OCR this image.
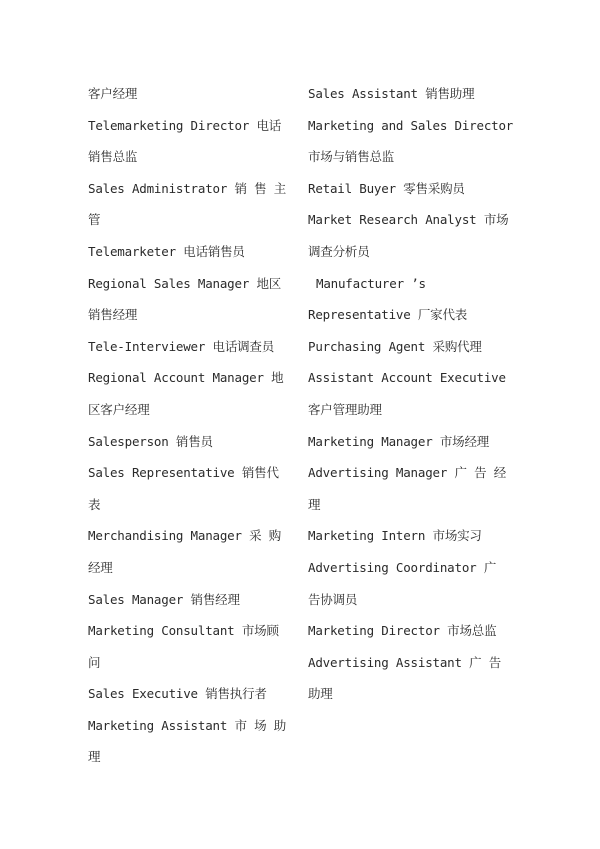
客户经理
Telemarketing Director 电话
销售总监
Sales Administrator 销 售 主
管
Telemarketer 电话销售员
Regional Sales Manager 地区
销售经理
Tele-Interviewer 电话调查员
Regional Account Manager 地
区客户经理
Salesperson 销售员
Sales Representative 销售代
表
Merchandising Manager 采 购
经理
Sales Manager 销售经理
Marketing Consultant 市场顾
问
Sales Executive 销售执行者
Marketing Assistant 市 场 助
理
Sales Assistant 销售助理
Marketing and Sales Director
市场与销售总监
Retail Buyer 零售采购员
Market Research Analyst 市场
调查分析员
Manufacturer ’s
Representative 厂家代表
Purchasing Agent 采购代理
Assistant Account Executive
客户管理助理
Marketing Manager 市场经理
Advertising Manager 广 告 经
理
Marketing Intern 市场实习
Advertising Coordinator 广
告协调员
Marketing Director 市场总监
Advertising Assistant 广 告
助理
